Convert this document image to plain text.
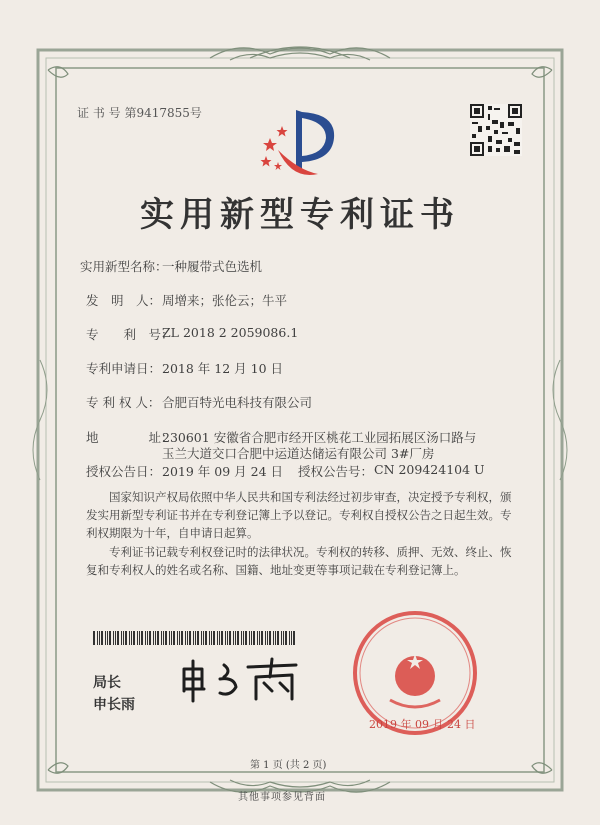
证 书 号 第9417855号
实用新型专利证书
实用新型名称：
一种履带式色选机
发　明　人： 周增来；张伦云；牛平
专　　利　号：
ZL 2018 2 2059086.1
专利申请日： 2018 年 12 月 10 日
专 利 权 人： 合肥百特光电科技有限公司
地　　　　址：
230601 安徽省合肥市经开区桃花工业园拓展区汤口路与
玉兰大道交口合肥中运道达储运有限公司 3#厂房
授权公告日： 2019 年 09 月 24 日 授权公告号： CN 209424104 U
国家知识产权局依照中华人民共和国专利法经过初步审查，决定授予专利权，颁发实用新型专利证书并在专利登记簿上予以登记。专利权自授权公告之日起生效。专利权期限为十年，自申请日起算。
专利证书记载专利权登记时的法律状况。专利权的转移、质押、无效、终止、恢复和专利权人的姓名或名称、国籍、地址变更等事项记载在专利登记簿上。
局长
申长雨
2019 年 09 月 24 日
第 1 页 (共 2 页)
其他事项参见背面
